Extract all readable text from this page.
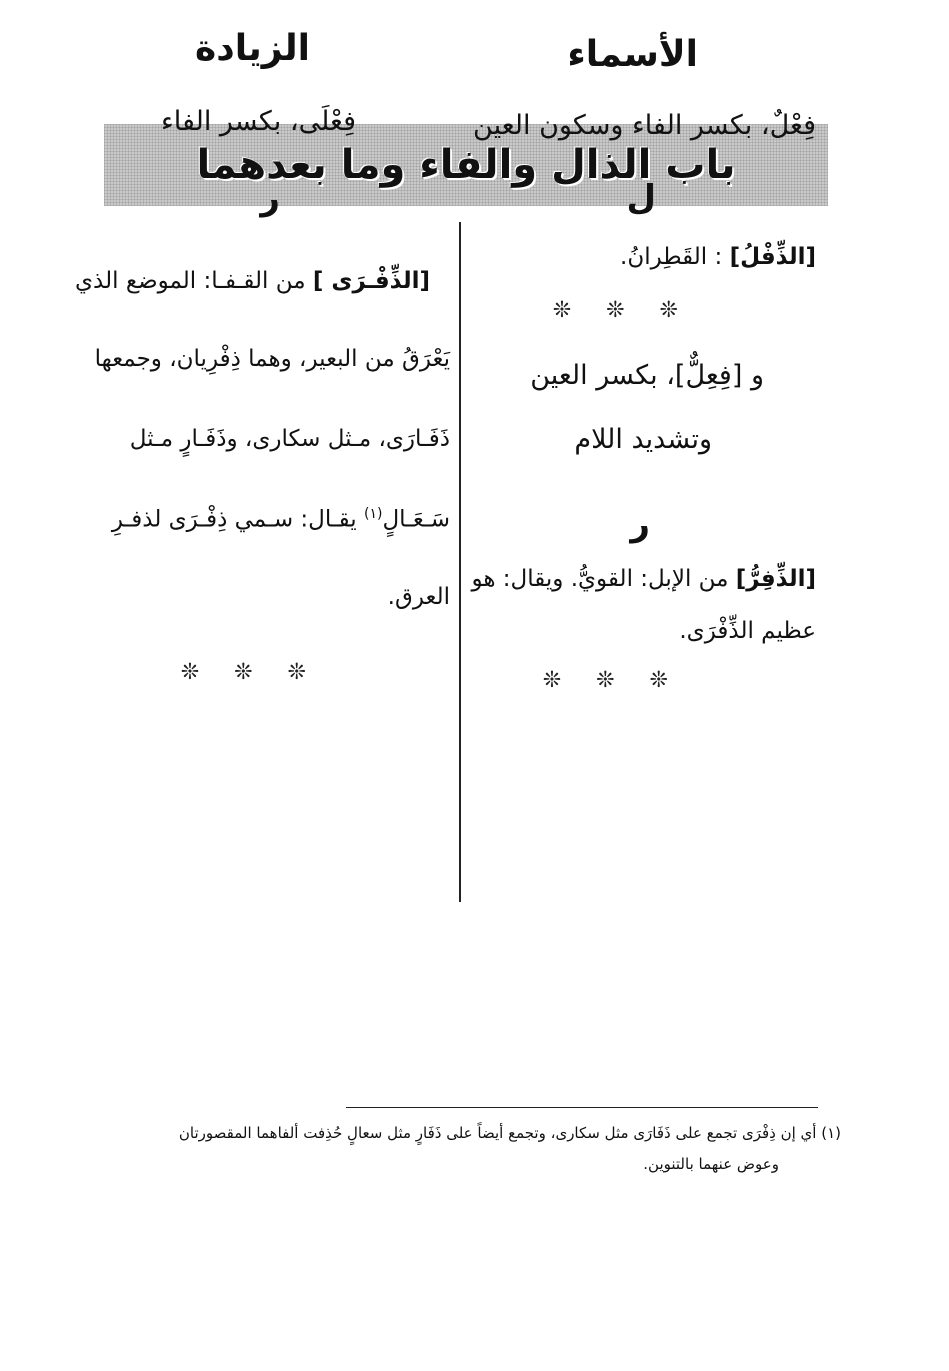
باب الذال والفاء وما بعدهما
الأسماء
فِعْلٌ، بكسر الفاء وسكون العين
ل
[الذِّفْلُ] : القَطِرانُ.
❊ ❊ ❊
و [فِعِلٌّ]، بكسر العين
وتشديد اللام
ر
[الذِّفِرُّ] من الإبل: القويُّ. ويقال: هو
عظيم الذِّفْرَى.
❊ ❊ ❊
الزيادة
فِعْلَى، بكسر الفاء
ر
[الذِّفْـرَى ] من القـفـا: الموضع الذي
يَعْرَقُ من البعير، وهما ذِفْرِيان، وجمعها
ذَفَـارَى، مـثل سكارى، وذَفَـارٍ مـثل
سَـعَـالٍ$^{(١)}$ يقـال: سـمي ذِفْـرَى لذفـرِ
العرق.
❊ ❊ ❊
(١) أي إن ذِفْرَى تجمع على ذَفَارَى مثل سكارى، وتجمع أيضاً على ذَفَارٍ مثل سعالٍ حُذِفت ألفاهما المقصورتان
وعوض عنهما بالتنوين.
